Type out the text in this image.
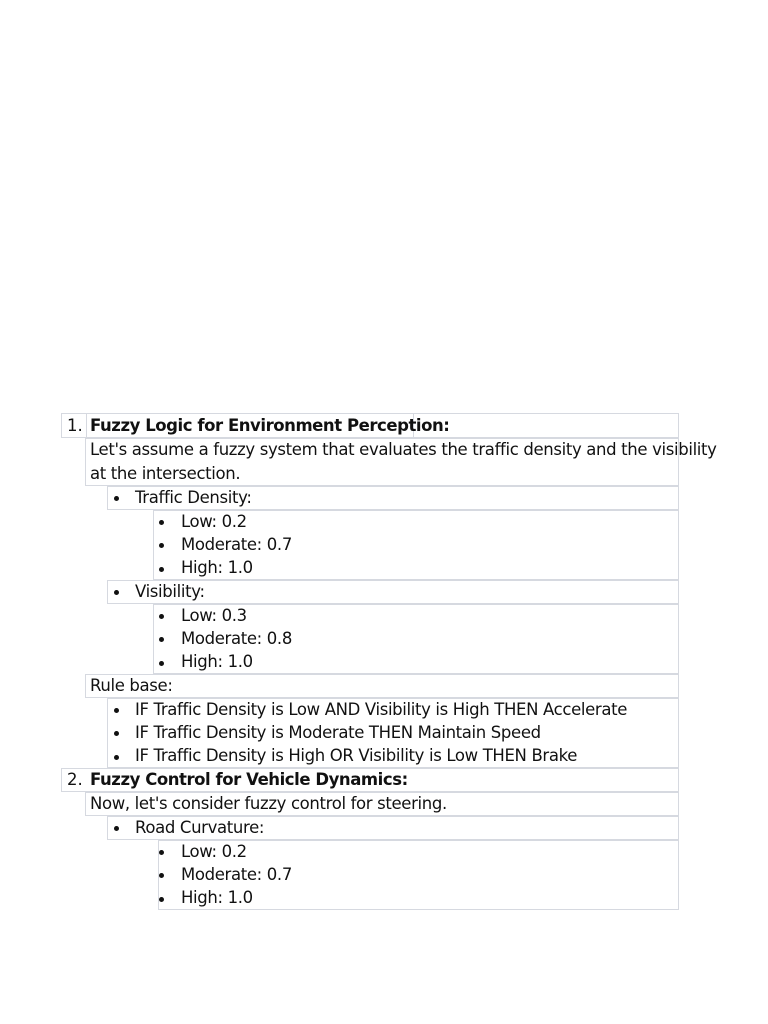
1. Fuzzy Logic for Environment Perception:
Let's assume a fuzzy system that evaluates the traffic density and the visibility
at the intersection.
Traffic Density:
Low: 0.2
Moderate: 0.7
High: 1.0
Visibility:
Low: 0.3
Moderate: 0.8
High: 1.0
Rule base:
IF Traffic Density is Low AND Visibility is High THEN Accelerate
IF Traffic Density is Moderate THEN Maintain Speed
IF Traffic Density is High OR Visibility is Low THEN Brake
2. Fuzzy Control for Vehicle Dynamics:
Now, let's consider fuzzy control for steering.
Road Curvature:
Low: 0.2
Moderate: 0.7
High: 1.0
